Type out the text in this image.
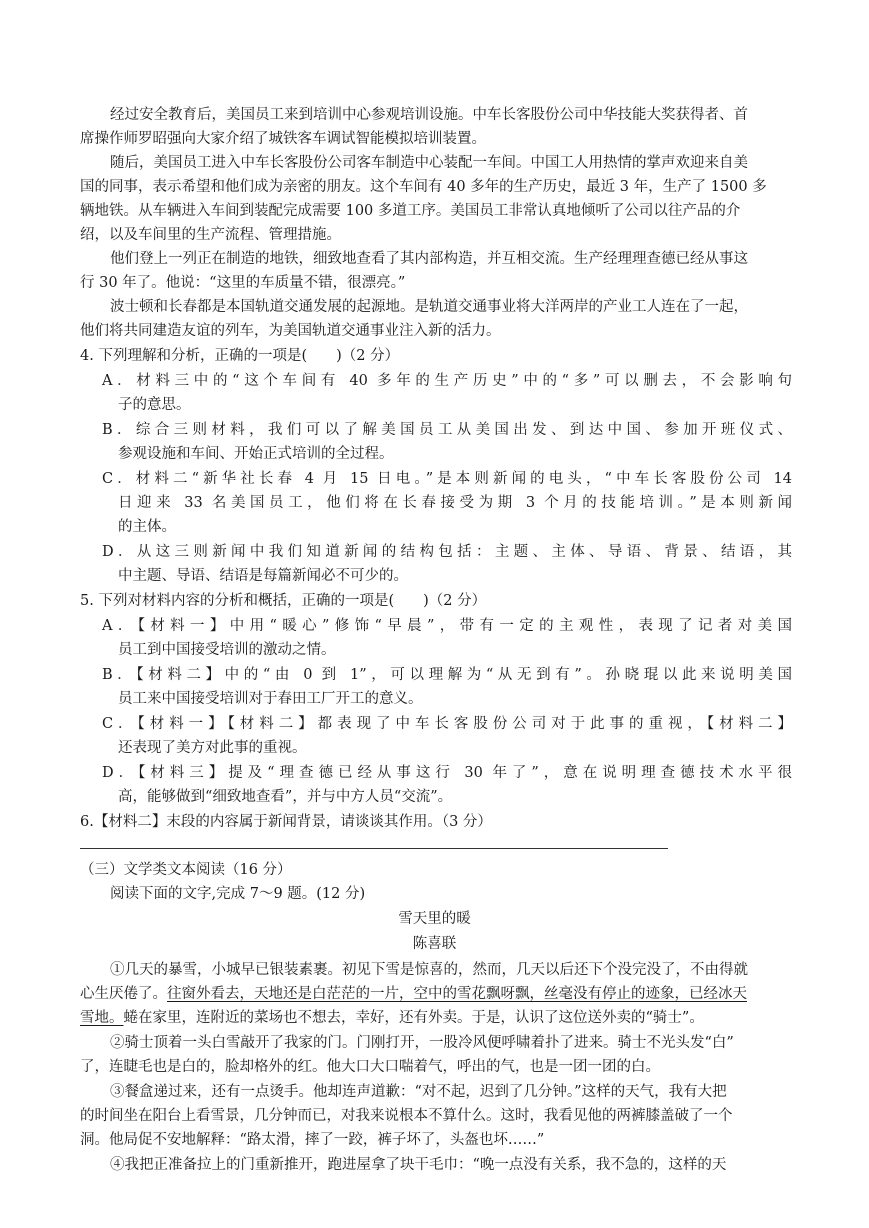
经过安全教育后，美国员工来到培训中心参观培训设施。中车长客股份公司中华技能大奖获得者、首
席操作师罗昭强向大家介绍了城铁客车调试智能模拟培训装置。
随后，美国员工进入中车长客股份公司客车制造中心装配一车间。中国工人用热情的掌声欢迎来自美
国的同事，表示希望和他们成为亲密的朋友。这个车间有 40 多年的生产历史，最近 3 年，生产了 1500 多
辆地铁。从车辆进入车间到装配完成需要 100 多道工序。美国员工非常认真地倾听了公司以往产品的介
绍，以及车间里的生产流程、管理措施。
他们登上一列正在制造的地铁，细致地查看了其内部构造，并互相交流。生产经理理查德已经从事这
行 30 年了。他说：“这里的车质量不错，很漂亮。”
波士顿和长春都是本国轨道交通发展的起源地。是轨道交通事业将大洋两岸的产业工人连在了一起，
他们将共同建造友谊的列车，为美国轨道交通事业注入新的活力。
4. 下列理解和分析，正确的一项是(　　)（2 分）
A．材料三中的“这个车间有 40 多年的生产历史”中的“多”可以删去，不会影响句
子的意思。
B．综合三则材料，我们可以了解美国员工从美国出发、到达中国、参加开班仪式、
参观设施和车间、开始正式培训的全过程。
C．材料二“新华社长春 4 月 15 日电。”是本则新闻的电头，“中车长客股份公司 14
日迎来 33 名美国员工，他们将在长春接受为期 3 个月的技能培训。”是本则新闻
的主体。
D．从这三则新闻中我们知道新闻的结构包括：主题、主体、导语、背景、结语，其
中主题、导语、结语是每篇新闻必不可少的。
5. 下列对材料内容的分析和概括，正确的一项是(　　)（2 分）
A．【材料一】中用“暖心”修饰“早晨”，带有一定的主观性，表现了记者对美国
员工到中国接受培训的激动之情。
B．【材料二】中的“由 0 到 1”，可以理解为“从无到有”。孙晓琨以此来说明美国
员工来中国接受培训对于春田工厂开工的意义。
C．【材料一】【材料二】都表现了中车长客股份公司对于此事的重视，【材料二】
还表现了美方对此事的重视。
D．【材料三】提及“理查德已经从事这行 30 年了”，意在说明理查德技术水平很
高，能够做到“细致地查看”，并与中方人员“交流”。
6.【材料二】末段的内容属于新闻背景，请谈谈其作用。（3 分）
（三）文学类文本阅读（16 分）
阅读下面的文字,完成 7～9 题。(12 分)
雪天里的暖
陈喜联
①几天的暴雪，小城早已银装素裹。初见下雪是惊喜的，然而，几天以后还下个没完没了，不由得就
心生厌倦了。往窗外看去，天地还是白茫茫的一片，空中的雪花飘呀飘，丝毫没有停止的迹象，已经冰天
雪地。蜷在家里，连附近的菜场也不想去，幸好，还有外卖。于是，认识了这位送外卖的“骑士”。
②骑士顶着一头白雪敲开了我家的门。门刚打开，一股冷风便呼啸着扑了进来。骑士不光头发“白”
了，连睫毛也是白的，脸却格外的红。他大口大口喘着气，呼出的气，也是一团一团的白。
③餐盒递过来，还有一点烫手。他却连声道歉：“对不起，迟到了几分钟。”这样的天气，我有大把
的时间坐在阳台上看雪景，几分钟而已，对我来说根本不算什么。这时，我看见他的两裤膝盖破了一个
洞。他局促不安地解释：“路太滑，摔了一跤，裤子坏了，头盔也坏……”
④我把正准备拉上的门重新推开，跑进屋拿了块干毛巾：“晚一点没有关系，我不急的，这样的天
